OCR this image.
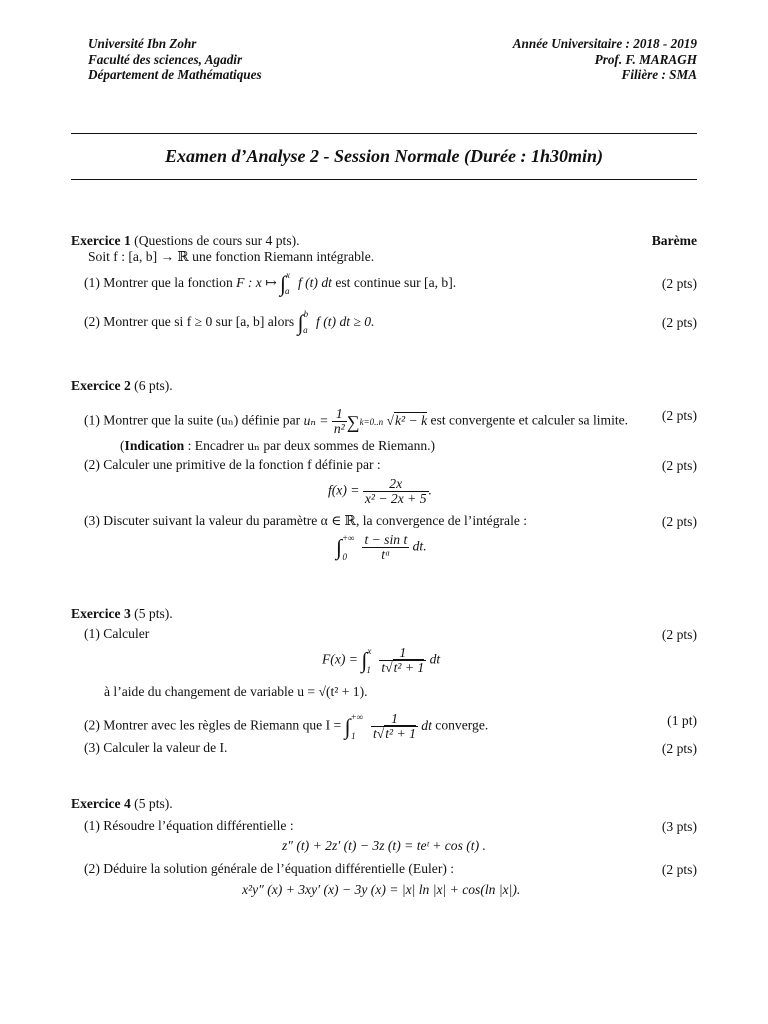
Université Ibn Zohr
Faculté des sciences, Agadir
Département de Mathématiques
Année Universitaire : 2018 - 2019
Prof. F. MARAGH
Filière : SMA
Examen d’Analyse 2 - Session Normale (Durée : 1h30min)
Exercice 1 (Questions de cours sur 4 pts).	Barème
Soit f : [a, b] → ℝ une fonction Riemann intégrable.
(1) Montrer que la fonction F : x ↦ ∫$^x_a$ f (t) dt est continue sur [a, b].	(2 pts)
(2) Montrer que si f ≥ 0 sur [a, b] alors ∫$^b_a$ f (t) dt ≥ 0.	(2 pts)
Exercice 2 (6 pts).
(1) Montrer que la suite (uₙ) définie par $u_n = \frac{1}{\text{n²}} \sum k=0..n$ √k² − k est convergente et calculer sa limite. (2 pts)
(Indication : Encadrer uₙ par deux sommes de Riemann.)
(2) Calculer une primitive de la fonction f définie par :	(2 pts)
$f(x) = \frac{2x}{\text{x² − 2x + 5}}$ .
(3) Discuter suivant la valeur du paramètre α ∈ ℝ, la convergence de l’intégrale :	(2 pts)
$\int^{+\infty}_0 \frac{\text{t − sin t}}{\text{tᵅ}}$ dt.
Exercice 3 (5 pts).
(1) Calculer	(2 pts)
$F(x) = \int^x_1 \frac{1}{\text{t√t² + 1}}$ dt
à l’aide du changement de variable u = √(t² + 1).
(2) Montrer avec les règles de Riemann que $I = \int^{+\infty}_1 \frac{1}{\text{t√t² + 1}}$ dt converge.	(1 pt)
(3) Calculer la valeur de I.	(2 pts)
Exercice 4 (5 pts).
(1) Résoudre l’équation différentielle :	(3 pts)
z″ (t) + 2z′ (t) − 3z (t) = teᵗ + cos (t) .
(2) Déduire la solution générale de l’équation différentielle (Euler) :	(2 pts)
x²y″ (x) + 3xy′ (x) − 3y (x) = |x| ln |x| + cos(ln |x|).
